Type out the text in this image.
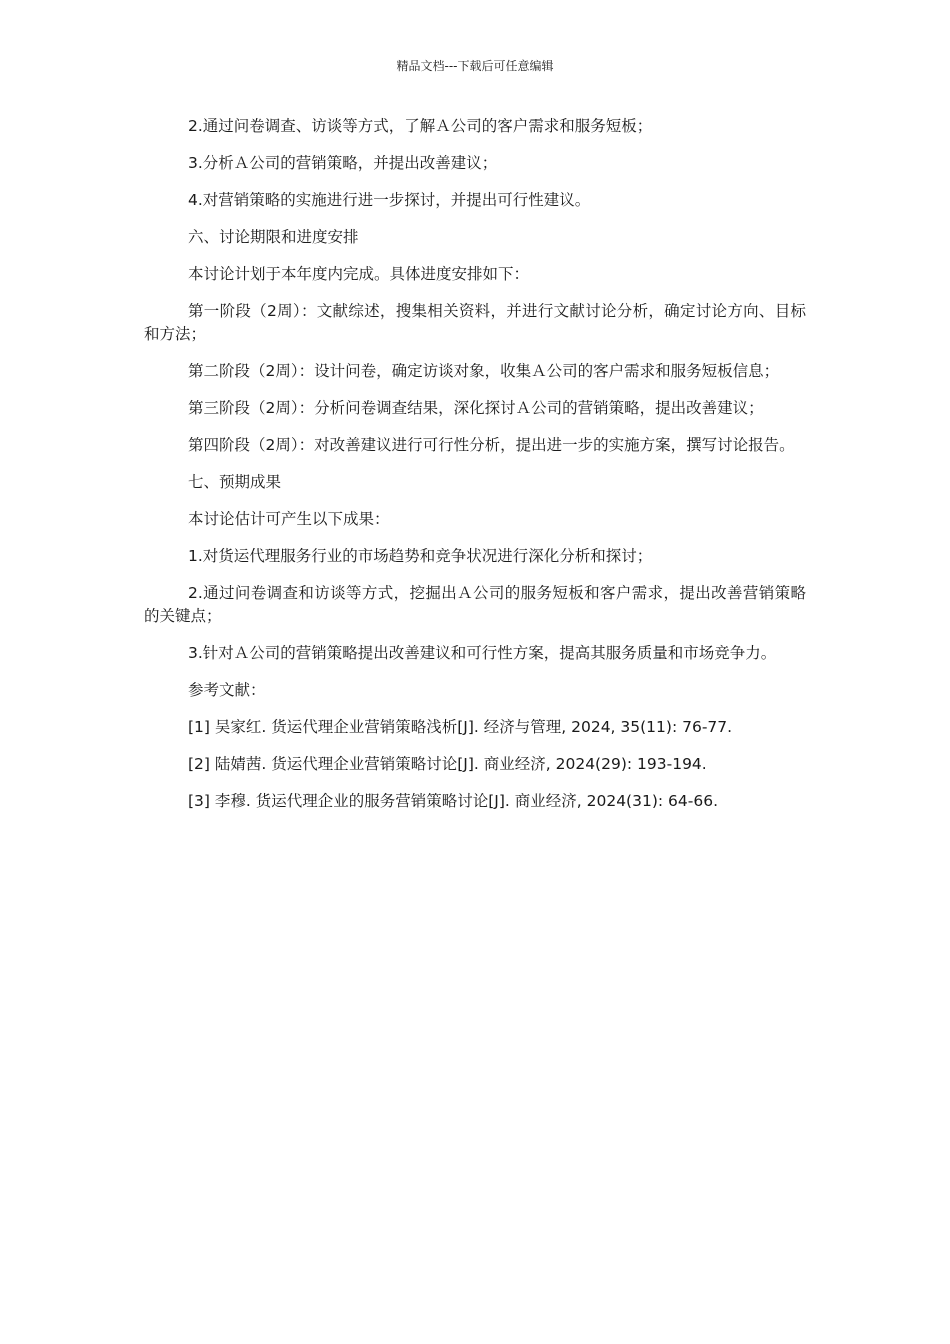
精品文档---下载后可任意编辑

2.通过问卷调查、访谈等方式，了解Ａ公司的客户需求和服务短板；

3.分析Ａ公司的营销策略，并提出改善建议；

4.对营销策略的实施进行进一步探讨，并提出可行性建议。

六、讨论期限和进度安排

本讨论计划于本年度内完成。具体进度安排如下：

第一阶段（2周）：文献综述，搜集相关资料，并进行文献讨论分析，确定讨论方向、目标和方法；

第二阶段（2周）：设计问卷，确定访谈对象，收集Ａ公司的客户需求和服务短板信息；

第三阶段（2周）：分析问卷调查结果，深化探讨Ａ公司的营销策略，提出改善建议；

第四阶段（2周）：对改善建议进行可行性分析，提出进一步的实施方案，撰写讨论报告。

七、预期成果

本讨论估计可产生以下成果：

1.对货运代理服务行业的市场趋势和竞争状况进行深化分析和探讨；

2.通过问卷调查和访谈等方式，挖掘出Ａ公司的服务短板和客户需求，提出改善营销策略的关键点；

3.针对Ａ公司的营销策略提出改善建议和可行性方案，提高其服务质量和市场竞争力。

参考文献：

[1] 吴家红. 货运代理企业营销策略浅析[J]. 经济与管理, 2024, 35(11): 76-77.

[2] 陆婧茜. 货运代理企业营销策略讨论[J]. 商业经济, 2024(29): 193-194.

[3] 李穆. 货运代理企业的服务营销策略讨论[J]. 商业经济, 2024(31): 64-66.
